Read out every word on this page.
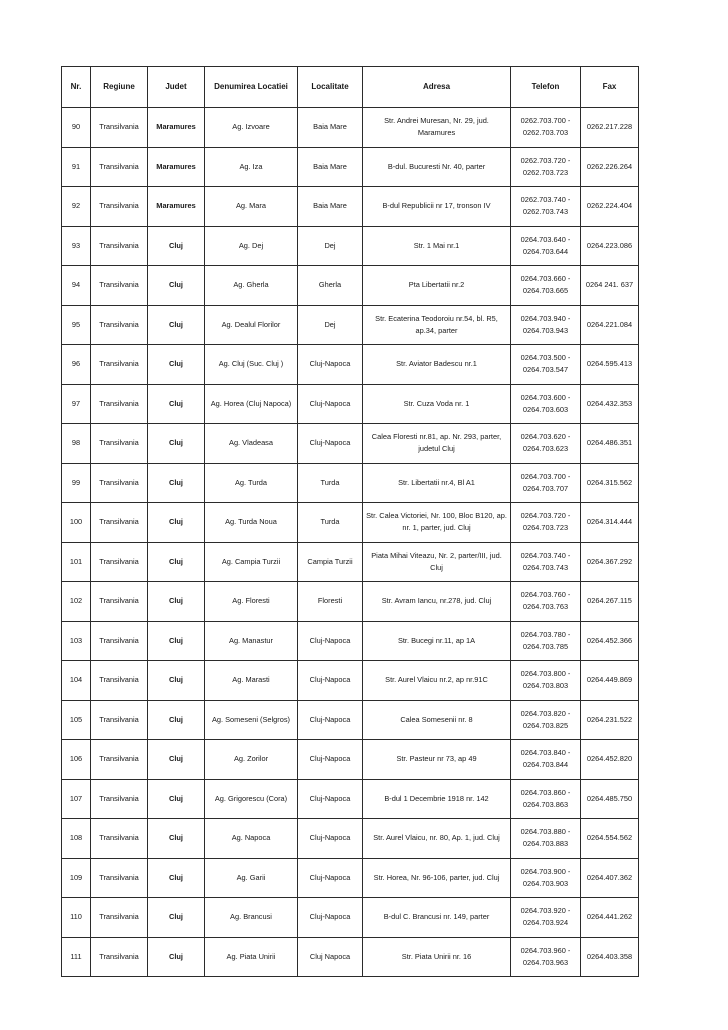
Nr.	Regiune	Judet	Denumirea Locatiei	Localitate	Adresa	Telefon	Fax
90	Transilvania	Maramures	Ag. Izvoare	Baia Mare	Str. Andrei Muresan, Nr. 29, jud. Maramures	0262.703.700 - 0262.703.703	0262.217.228
91	Transilvania	Maramures	Ag. Iza	Baia Mare	B-dul. Bucuresti Nr. 40, parter	0262.703.720 - 0262.703.723	0262.226.264
92	Transilvania	Maramures	Ag. Mara	Baia Mare	B-dul Republicii nr 17, tronson IV	0262.703.740 - 0262.703.743	0262.224.404
93	Transilvania	Cluj	Ag. Dej	Dej	Str. 1 Mai nr.1	0264.703.640 - 0264.703.644	0264.223.086
94	Transilvania	Cluj	Ag. Gherla	Gherla	Pta Libertatii nr.2	0264.703.660 - 0264.703.665	0264 241. 637
95	Transilvania	Cluj	Ag. Dealul Florilor	Dej	Str. Ecaterina Teodoroiu nr.54, bl. R5, ap.34, parter	0264.703.940 - 0264.703.943	0264.221.084
96	Transilvania	Cluj	Ag. Cluj (Suc. Cluj )	Cluj-Napoca	Str. Aviator Badescu nr.1	0264.703.500 - 0264.703.547	0264.595.413
97	Transilvania	Cluj	Ag. Horea (Cluj Napoca)	Cluj-Napoca	Str. Cuza Voda nr. 1	0264.703.600 - 0264.703.603	0264.432.353
98	Transilvania	Cluj	Ag. Vladeasa	Cluj-Napoca	Calea Floresti nr.81, ap. Nr. 293, parter, judetul Cluj	0264.703.620 - 0264.703.623	0264.486.351
99	Transilvania	Cluj	Ag. Turda	Turda	Str. Libertatii nr.4, Bl A1	0264.703.700 - 0264.703.707	0264.315.562
100	Transilvania	Cluj	Ag. Turda Noua	Turda	Str. Calea Victoriei, Nr. 100, Bloc B120, ap. nr. 1, parter, jud. Cluj	0264.703.720 - 0264.703.723	0264.314.444
101	Transilvania	Cluj	Ag. Campia Turzii	Campia Turzii	Piata Mihai Viteazu, Nr. 2, parter/III, jud. Cluj	0264.703.740 - 0264.703.743	0264.367.292
102	Transilvania	Cluj	Ag. Floresti	Floresti	Str. Avram Iancu, nr.278, jud. Cluj	0264.703.760 - 0264.703.763	0264.267.115
103	Transilvania	Cluj	Ag. Manastur	Cluj-Napoca	Str. Bucegi nr.11, ap 1A	0264.703.780 - 0264.703.785	0264.452.366
104	Transilvania	Cluj	Ag. Marasti	Cluj-Napoca	Str. Aurel Vlaicu nr.2, ap nr.91C	0264.703.800 - 0264.703.803	0264.449.869
105	Transilvania	Cluj	Ag. Someseni (Selgros)	Cluj-Napoca	Calea Somesenii nr. 8	0264.703.820 - 0264.703.825	0264.231.522
106	Transilvania	Cluj	Ag. Zorilor	Cluj-Napoca	Str. Pasteur nr 73, ap 49	0264.703.840 - 0264.703.844	0264.452.820
107	Transilvania	Cluj	Ag. Grigorescu (Cora)	Cluj-Napoca	B-dul 1 Decembrie 1918 nr. 142	0264.703.860 - 0264.703.863	0264.485.750
108	Transilvania	Cluj	Ag. Napoca	Cluj-Napoca	Str. Aurel Vlaicu, nr. 80, Ap. 1, jud. Cluj	0264.703.880 - 0264.703.883	0264.554.562
109	Transilvania	Cluj	Ag. Garii	Cluj-Napoca	Str. Horea, Nr. 96-106, parter, jud. Cluj	0264.703.900 - 0264.703.903	0264.407.362
110	Transilvania	Cluj	Ag. Brancusi	Cluj-Napoca	B-dul C. Brancusi nr. 149, parter	0264.703.920 - 0264.703.924	0264.441.262
111	Transilvania	Cluj	Ag. Piata Unirii	Cluj Napoca	Str. Piata Unirii nr. 16	0264.703.960 - 0264.703.963	0264.403.358
